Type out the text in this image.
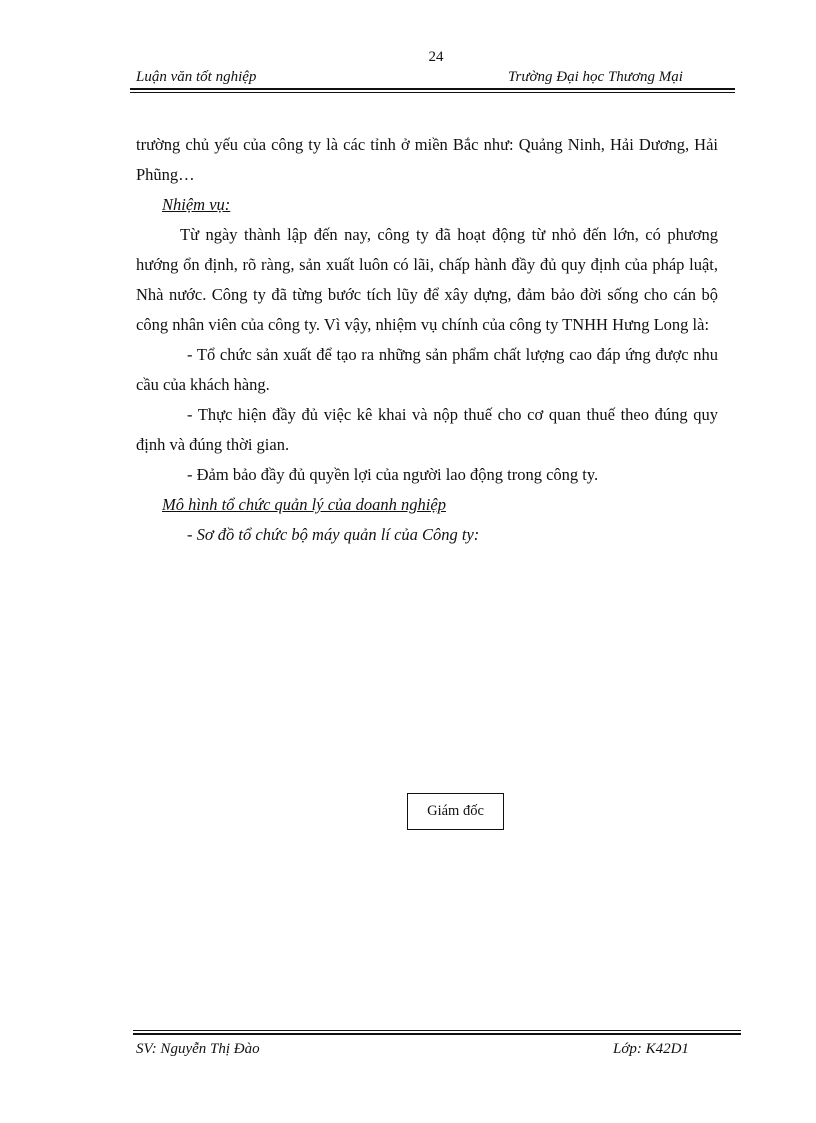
24
Luận văn tốt nghiệp	Trường Đại học Thương Mại

trường chủ yếu của công ty là các tỉnh ở miền Bắc như: Quảng Ninh, Hải Dương, Hải Phũng…

Nhiệm vụ:

Từ ngày thành lập đến nay, công ty đã hoạt động từ nhỏ đến lớn, có phương hướng ổn định, rõ ràng, sản xuất luôn có lãi, chấp hành đầy đủ quy định của pháp luật, Nhà nước. Công ty đã từng bước tích lũy để xây dựng, đảm bảo đời sống cho cán bộ công nhân viên của công ty. Vì vậy, nhiệm vụ chính của công ty TNHH Hưng Long là:

- Tổ chức sản xuất để tạo ra những sản phẩm chất lượng cao đáp ứng được nhu cầu của khách hàng.

- Thực hiện đầy đủ việc kê khai và nộp thuế cho cơ quan thuế theo đúng quy định và đúng thời gian.

- Đảm bảo đầy đủ quyền lợi của người lao động trong công ty.

Mô hình tổ chức quản lý của doanh nghiệp

- Sơ đồ tổ chức bộ máy quản lí của Công ty:

Giám đốc
SV: Nguyễn Thị Đào	Lớp: K42D1
